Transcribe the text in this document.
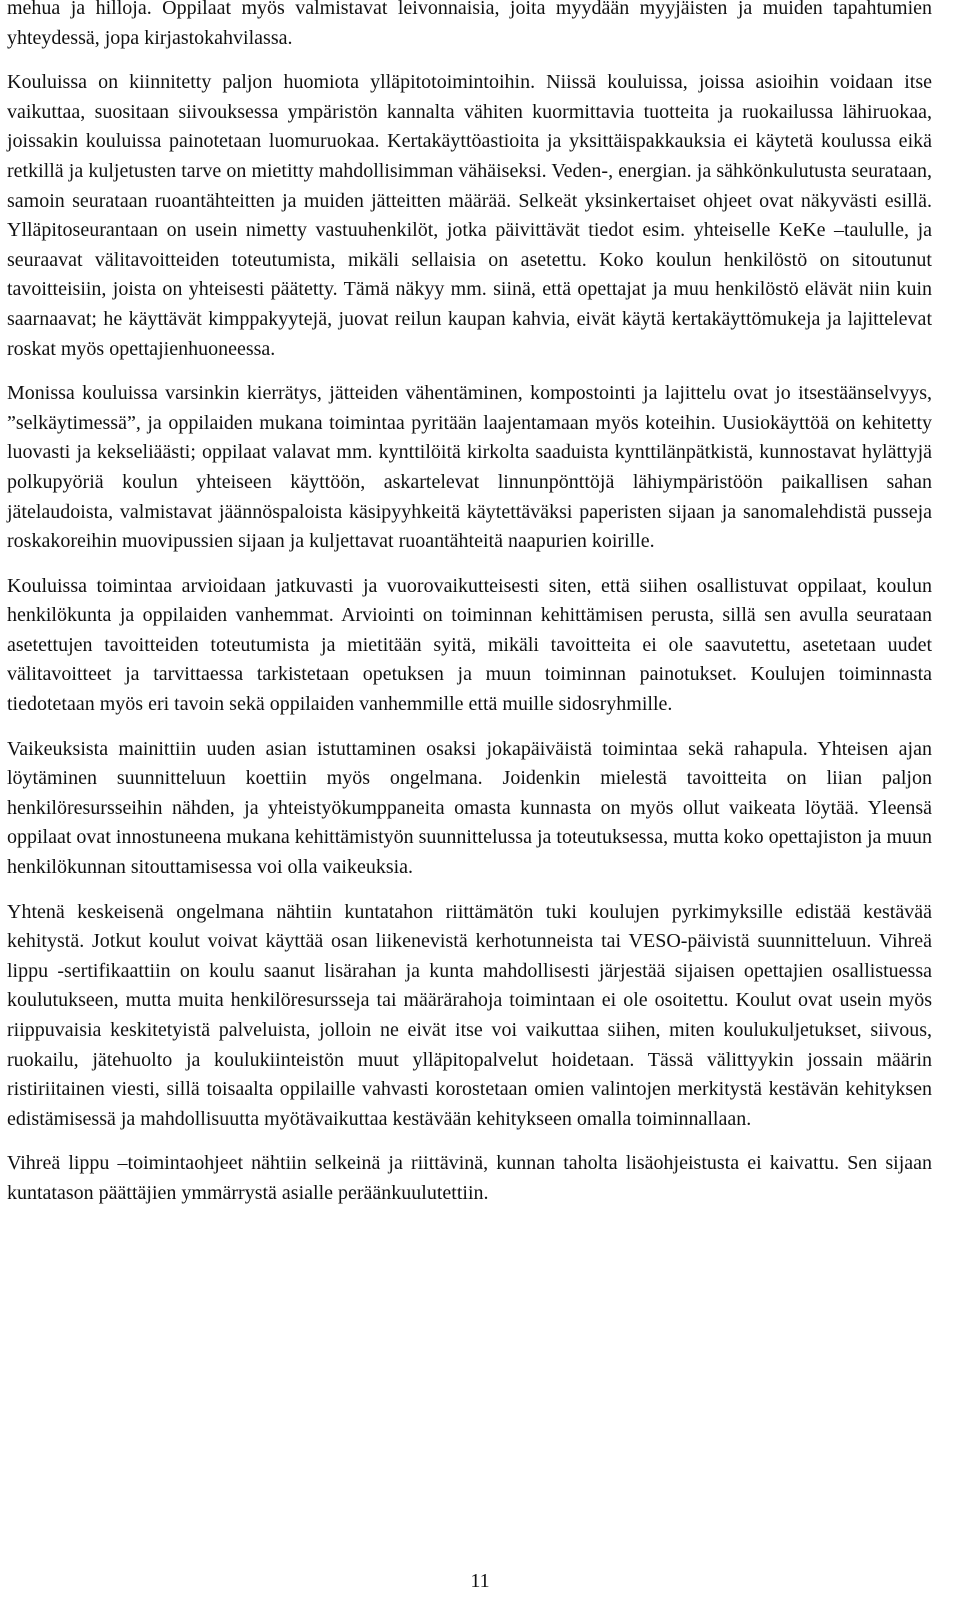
mehua ja hilloja. Oppilaat myös valmistavat leivonnaisia, joita myydään myyjäisten ja muiden tapahtumien yhteydessä, jopa kirjastokahvilassa.

Kouluissa on kiinnitetty paljon huomiota ylläpitotoimintoihin. Niissä kouluissa, joissa asioihin voidaan itse vaikuttaa, suositaan siivouksessa ympäristön kannalta vähiten kuormittavia tuotteita ja ruokailussa lähiruokaa, joissakin kouluissa painotetaan luomuruokaa. Kertakäyttöastioita ja yksittäispakkauksia ei käytetä koulussa eikä retkillä ja kuljetusten tarve on mietitty mahdollisimman vähäiseksi. Veden-, energian. ja sähkönkulutusta seurataan, samoin seurataan ruoantähteitten ja muiden jätteitten määrää. Selkeät yksinkertaiset ohjeet ovat näkyvästi esillä. Ylläpitoseurantaan on usein nimetty vastuuhenkilöt, jotka päivittävät tiedot esim. yhteiselle KeKe –taululle, ja seuraavat välitavoitteiden toteutumista, mikäli sellaisia on asetettu. Koko koulun henkilöstö on sitoutunut tavoitteisiin, joista on yhteisesti päätetty. Tämä näkyy mm. siinä, että opettajat ja muu henkilöstö elävät niin kuin saarnaavat; he käyttävät kimppakyytejä, juovat reilun kaupan kahvia, eivät käytä kertakäyttömukeja ja lajittelevat roskat myös opettajienhuoneessa.

Monissa kouluissa varsinkin kierrätys, jätteiden vähentäminen, kompostointi ja lajittelu ovat jo itsestäänselvyys, ”selkäytimessä”, ja oppilaiden mukana toimintaa pyritään laajentamaan myös koteihin. Uusiokäyttöä on kehitetty luovasti ja kekseliäästi; oppilaat valavat mm. kynttilöitä kirkolta saaduista kynttilänpätkistä, kunnostavat hylättyjä polkupyöriä koulun yhteiseen käyttöön, askartelevat linnunpönttöjä lähiympäristöön paikallisen sahan jätelaudoista, valmistavat jäännöspaloista käsipyyhkeitä käytettäväksi paperisten sijaan ja sanomalehdistä pusseja roskakoreihin muovipussien sijaan ja kuljettavat ruoantähteitä naapurien koirille.

Kouluissa toimintaa arvioidaan jatkuvasti ja vuorovaikutteisesti siten, että siihen osallistuvat oppilaat, koulun henkilökunta ja oppilaiden vanhemmat. Arviointi on toiminnan kehittämisen perusta, sillä sen avulla seurataan asetettujen tavoitteiden toteutumista ja mietitään syitä, mikäli tavoitteita ei ole saavutettu, asetetaan uudet välitavoitteet ja tarvittaessa tarkistetaan opetuksen ja muun toiminnan painotukset. Koulujen toiminnasta tiedotetaan myös eri tavoin sekä oppilaiden vanhemmille että muille sidosryhmille.

Vaikeuksista mainittiin uuden asian istuttaminen osaksi jokapäiväistä toimintaa sekä rahapula. Yhteisen ajan löytäminen suunnitteluun koettiin myös ongelmana. Joidenkin mielestä tavoitteita on liian paljon henkilöresursseihin nähden, ja yhteistyökumppaneita omasta kunnasta on myös ollut vaikeata löytää. Yleensä oppilaat ovat innostuneena mukana kehittämistyön suunnittelussa ja toteutuksessa, mutta koko opettajiston ja muun henkilökunnan sitouttamisessa voi olla vaikeuksia.

Yhtenä keskeisenä ongelmana nähtiin kuntatahon riittämätön tuki koulujen pyrkimyksille edistää kestävää kehitystä. Jotkut koulut voivat käyttää osan liikenevistä kerhotunneista tai VESO-päivistä suunnitteluun. Vihreä lippu -sertifikaattiin on koulu saanut lisärahan ja kunta mahdollisesti järjestää sijaisen opettajien osallistuessa koulutukseen, mutta muita henkilöresursseja tai määrärahoja toimintaan ei ole osoitettu. Koulut ovat usein myös riippuvaisia keskitetyistä palveluista, jolloin ne eivät itse voi vaikuttaa siihen, miten koulukuljetukset, siivous, ruokailu, jätehuolto ja koulukiinteistön muut ylläpitopalvelut hoidetaan. Tässä välittyykin jossain määrin ristiriitainen viesti, sillä toisaalta oppilaille vahvasti korostetaan omien valintojen merkitystä kestävän kehityksen edistämisessä ja mahdollisuutta myötävaikuttaa kestävään kehitykseen omalla toiminnallaan.

Vihreä lippu –toimintaohjeet nähtiin selkeinä ja riittävinä, kunnan taholta lisäohjeistusta ei kaivattu. Sen sijaan kuntatason päättäjien ymmärrystä asialle peräänkuulutettiin.

11
